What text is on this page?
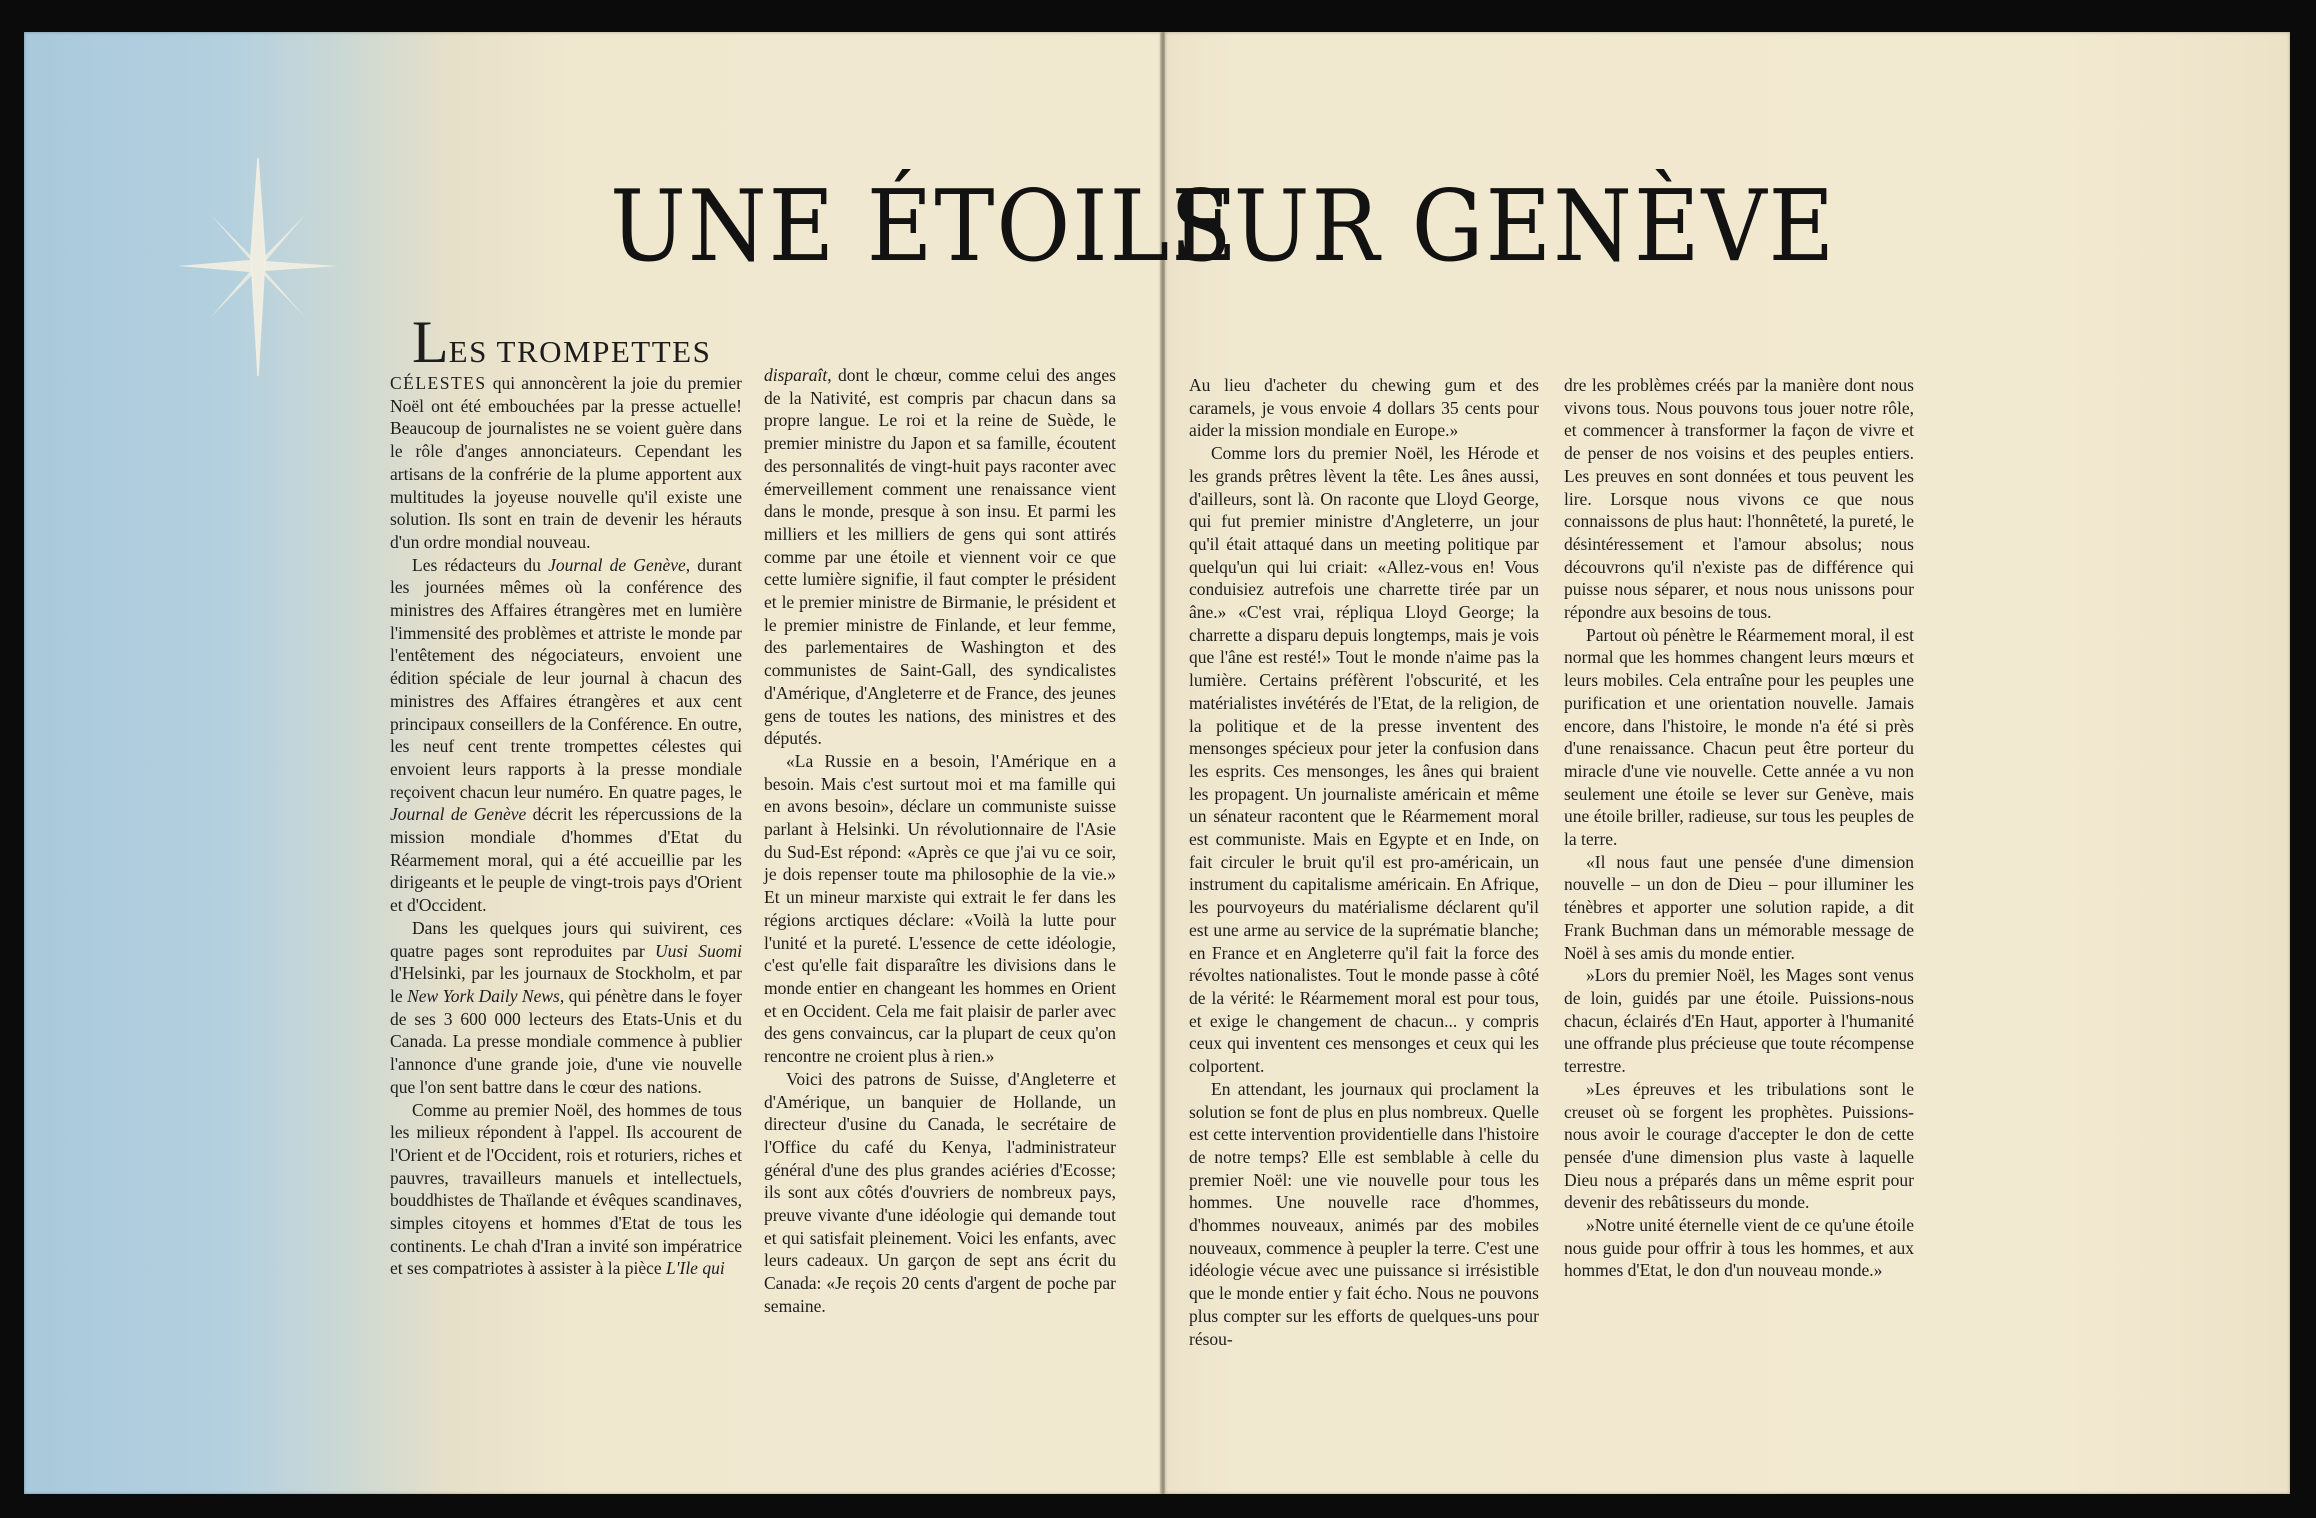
UNE ÉTOILE
SUR GENÈVE

LES TROMPETTES

CÉLESTES qui annoncèrent la joie du premier Noël ont été embouchées par la presse actuelle! Beaucoup de journalistes ne se voient guère dans le rôle d'anges annonciateurs. Cependant les artisans de la confrérie de la plume apportent aux multitudes la joyeuse nouvelle qu'il existe une solution. Ils sont en train de devenir les hérauts d'un ordre mondial nouveau.

Les rédacteurs du Journal de Genève, durant les journées mêmes où la conférence des ministres des Affaires étrangères met en lumière l'immensité des problèmes et attriste le monde par l'entêtement des négociateurs, envoient une édition spéciale de leur journal à chacun des ministres des Affaires étrangères et aux cent principaux conseillers de la Conférence. En outre, les neuf cent trente trompettes célestes qui envoient leurs rapports à la presse mondiale reçoivent chacun leur numéro. En quatre pages, le Journal de Genève décrit les répercussions de la mission mondiale d'hommes d'Etat du Réarmement moral, qui a été accueillie par les dirigeants et le peuple de vingt-trois pays d'Orient et d'Occident.

Dans les quelques jours qui suivirent, ces quatre pages sont reproduites par Uusi Suomi d'Helsinki, par les journaux de Stockholm, et par le New York Daily News, qui pénètre dans le foyer de ses 3 600 000 lecteurs des Etats-Unis et du Canada. La presse mondiale commence à publier l'annonce d'une grande joie, d'une vie nouvelle que l'on sent battre dans le cœur des nations.

Comme au premier Noël, des hommes de tous les milieux répondent à l'appel. Ils accourent de l'Orient et de l'Occident, rois et roturiers, riches et pauvres, travailleurs manuels et intellectuels, bouddhistes de Thaïlande et évêques scandinaves, simples citoyens et hommes d'Etat de tous les continents. Le chah d'Iran a invité son impératrice et ses compatriotes à assister à la pièce L'Ile qui

disparaît, dont le chœur, comme celui des anges de la Nativité, est compris par chacun dans sa propre langue. Le roi et la reine de Suède, le premier ministre du Japon et sa famille, écoutent des personnalités de vingt-huit pays raconter avec émerveillement comment une renaissance vient dans le monde, presque à son insu. Et parmi les milliers et les milliers de gens qui sont attirés comme par une étoile et viennent voir ce que cette lumière signifie, il faut compter le président et le premier ministre de Birmanie, le président et le premier ministre de Finlande, et leur femme, des parlementaires de Washington et des communistes de Saint-Gall, des syndicalistes d'Amérique, d'Angleterre et de France, des jeunes gens de toutes les nations, des ministres et des députés.

«La Russie en a besoin, l'Amérique en a besoin. Mais c'est surtout moi et ma famille qui en avons besoin», déclare un communiste suisse parlant à Helsinki. Un révolutionnaire de l'Asie du Sud-Est répond: «Après ce que j'ai vu ce soir, je dois repenser toute ma philosophie de la vie.» Et un mineur marxiste qui extrait le fer dans les régions arctiques déclare: «Voilà la lutte pour l'unité et la pureté. L'essence de cette idéologie, c'est qu'elle fait disparaître les divisions dans le monde entier en changeant les hommes en Orient et en Occident. Cela me fait plaisir de parler avec des gens convaincus, car la plupart de ceux qu'on rencontre ne croient plus à rien.»

Voici des patrons de Suisse, d'Angleterre et d'Amérique, un banquier de Hollande, un directeur d'usine du Canada, le secrétaire de l'Office du café du Kenya, l'administrateur général d'une des plus grandes aciéries d'Ecosse; ils sont aux côtés d'ouvriers de nombreux pays, preuve vivante d'une idéologie qui demande tout et qui satisfait pleinement. Voici les enfants, avec leurs cadeaux. Un garçon de sept ans écrit du Canada: «Je reçois 20 cents d'argent de poche par semaine.

Au lieu d'acheter du chewing gum et des caramels, je vous envoie 4 dollars 35 cents pour aider la mission mondiale en Europe.»

Comme lors du premier Noël, les Hérode et les grands prêtres lèvent la tête. Les ânes aussi, d'ailleurs, sont là. On raconte que Lloyd George, qui fut premier ministre d'Angleterre, un jour qu'il était attaqué dans un meeting politique par quelqu'un qui lui criait: «Allez-vous en! Vous conduisiez autrefois une charrette tirée par un âne.» «C'est vrai, répliqua Lloyd George; la charrette a disparu depuis longtemps, mais je vois que l'âne est resté!» Tout le monde n'aime pas la lumière. Certains préfèrent l'obscurité, et les matérialistes invétérés de l'Etat, de la religion, de la politique et de la presse inventent des mensonges spécieux pour jeter la confusion dans les esprits. Ces mensonges, les ânes qui braient les propagent. Un journaliste américain et même un sénateur racontent que le Réarmement moral est communiste. Mais en Egypte et en Inde, on fait circuler le bruit qu'il est pro-américain, un instrument du capitalisme américain. En Afrique, les pourvoyeurs du matérialisme déclarent qu'il est une arme au service de la suprématie blanche; en France et en Angleterre qu'il fait la force des révoltes nationalistes. Tout le monde passe à côté de la vérité: le Réarmement moral est pour tous, et exige le changement de chacun... y compris ceux qui inventent ces mensonges et ceux qui les colportent.

En attendant, les journaux qui proclament la solution se font de plus en plus nombreux. Quelle est cette intervention providentielle dans l'histoire de notre temps? Elle est semblable à celle du premier Noël: une vie nouvelle pour tous les hommes. Une nouvelle race d'hommes, d'hommes nouveaux, animés par des mobiles nouveaux, commence à peupler la terre. C'est une idéologie vécue avec une puissance si irrésistible que le monde entier y fait écho. Nous ne pouvons plus compter sur les efforts de quelques-uns pour résou-

dre les problèmes créés par la manière dont nous vivons tous. Nous pouvons tous jouer notre rôle, et commencer à transformer la façon de vivre et de penser de nos voisins et des peuples entiers. Les preuves en sont données et tous peuvent les lire. Lorsque nous vivons ce que nous connaissons de plus haut: l'honnêteté, la pureté, le désintéressement et l'amour absolus; nous découvrons qu'il n'existe pas de différence qui puisse nous séparer, et nous nous unissons pour répondre aux besoins de tous.

Partout où pénètre le Réarmement moral, il est normal que les hommes changent leurs mœurs et leurs mobiles. Cela entraîne pour les peuples une purification et une orientation nouvelle. Jamais encore, dans l'histoire, le monde n'a été si près d'une renaissance. Chacun peut être porteur du miracle d'une vie nouvelle. Cette année a vu non seulement une étoile se lever sur Genève, mais une étoile briller, radieuse, sur tous les peuples de la terre.

«Il nous faut une pensée d'une dimension nouvelle – un don de Dieu – pour illuminer les ténèbres et apporter une solution rapide, a dit Frank Buchman dans un mémorable message de Noël à ses amis du monde entier.

»Lors du premier Noël, les Mages sont venus de loin, guidés par une étoile. Puissions-nous chacun, éclairés d'En Haut, apporter à l'humanité une offrande plus précieuse que toute récompense terrestre.

»Les épreuves et les tribulations sont le creuset où se forgent les prophètes. Puissions-nous avoir le courage d'accepter le don de cette pensée d'une dimension plus vaste à laquelle Dieu nous a préparés dans un même esprit pour devenir des rebâtisseurs du monde.

»Notre unité éternelle vient de ce qu'une étoile nous guide pour offrir à tous les hommes, et aux hommes d'Etat, le don d'un nouveau monde.»
